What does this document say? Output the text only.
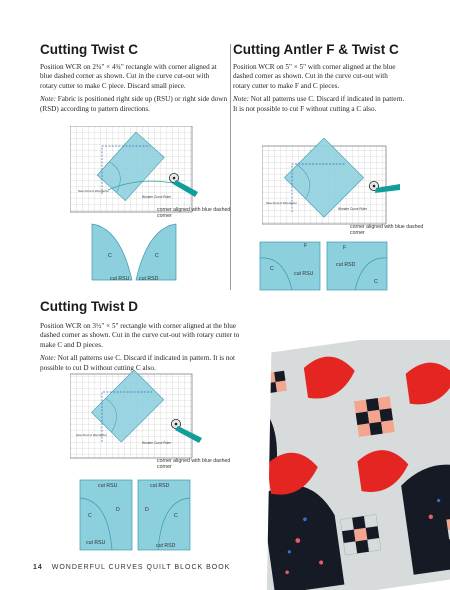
Cutting Twist C

Position WCR on 2¾" × 4¾" rectangle with corner aligned at blue dashed corner as shown. Cut in the curve cut-out with rotary cutter to make C piece. Discard small piece.

Note: Fabric is positioned right side up (RSU) or right side down (RSD) according to pattern directions.

Sew Kind of Wonderful
Wonder Curve Ruler
corner aligned with blue dashed corner
C	C
cut RSU cut RSD
Cutting Antler F & Twist C

Position WCR on 5" × 5" with corner aligned at the blue dashed corner as shown. Cut in the curve cut-out with rotary cutter to make F and C pieces.

Note: Not all patterns use C. Discard if indicated in pattern. It is not possible to cut F without cutting a C also.

Sew Kind of Wonderful
Wonder Curve Ruler
corner aligned with blue dashed corner
F	F
C
C
cut RSU
cut RSD
Cutting Twist D

Position WCR on 3½" × 5" rectangle with corner aligned at the blue dashed corner as shown. Cut in the curve cut-out with rotary cutter to make C and D pieces.

Note: Not all patterns use C. Discard if indicated in pattern. It is not possible to cut D without cutting C also.

Sew Kind of Wonderful
Wonder Curve Ruler
corner aligned with blue dashed corner
cut RSU	cut RSD
C
D	D
C
cut RSU	cut RSD
14 WONDERFUL CURVES QUILT BLOCK BOOK
